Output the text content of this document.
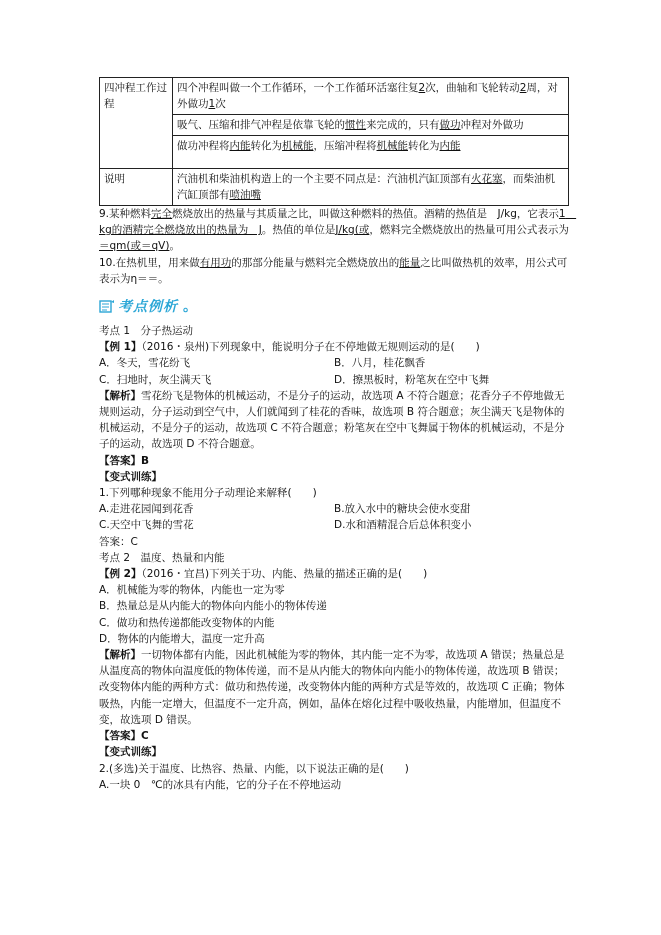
四冲程工作过程	四个冲程叫做一个工作循环，一个工作循环活塞往复2次，曲轴和飞轮转动2周，对外做功1次
	吸气、压缩和排气冲程是依靠飞轮的惯性来完成的，只有做功冲程对外做功
	做功冲程将内能转化为机械能，压缩冲程将机械能转化为内能
说明	汽油机和柴油机构造上的一个主要不同点是：汽油机汽缸顶部有火花塞，而柴油机汽缸顶部有喷油嘴

9.某种燃料完全燃烧放出的热量与其质量之比，叫做这种燃料的热值。酒精的热值是　J/kg，它表示1　kg的酒精完全燃烧放出的热量为　J。热值的单位是J/kg(或，燃料完全燃烧放出的热量可用公式表示为＝qm(或＝qV)。

10.在热机里，用来做有用功的那部分能量与燃料完全燃烧放出的能量之比叫做热机的效率，用公式可表示为η＝＝。

考点例析 。

考点 1　分子热运动

【例 1】（2016・泉州)下列现象中，能说明分子在不停地做无规则运动的是(　　)

A．冬天，雪花纷飞	B．八月，桂花飘香
C．扫地时，灰尘满天飞	D．擦黑板时，粉笔灰在空中飞舞

【解析】雪花纷飞是物体的机械运动，不是分子的运动，故选项 A 不符合题意；花香分子不停地做无规则运动，分子运动到空气中，人们就闻到了桂花的香味，故选项 B 符合题意；灰尘满天飞是物体的机械运动，不是分子的运动，故选项 C 不符合题意；粉笔灰在空中飞舞属于物体的机械运动，不是分子的运动，故选项 D 不符合题意。

【答案】B

【变式训练】

1.下列哪种现象不能用分子动理论来解释(　　)

A.走进花园闻到花香	B.放入水中的糖块会使水变甜
C.天空中飞舞的雪花	D.水和酒精混合后总体积变小

答案：C

考点 2　温度、热量和内能

【例 2】（2016・宜昌)下列关于功、内能、热量的描述正确的是(　　)

A．机械能为零的物体，内能也一定为零

B．热量总是从内能大的物体向内能小的物体传递

C．做功和热传递都能改变物体的内能

D．物体的内能增大，温度一定升高

【解析】一切物体都有内能，因此机械能为零的物体，其内能一定不为零，故选项 A 错误；热量总是从温度高的物体向温度低的物体传递，而不是从内能大的物体向内能小的物体传递，故选项 B 错误；改变物体内能的两种方式：做功和热传递，改变物体内能的两种方式是等效的，故选项 C 正确；物体吸热，内能一定增大，但温度不一定升高，例如，晶体在熔化过程中吸收热量，内能增加，但温度不变，故选项 D 错误。

【答案】C

【变式训练】

2.(多选)关于温度、比热容、热量、内能，以下说法正确的是(　　)

A.一块 0　℃的冰具有内能，它的分子在不停地运动
